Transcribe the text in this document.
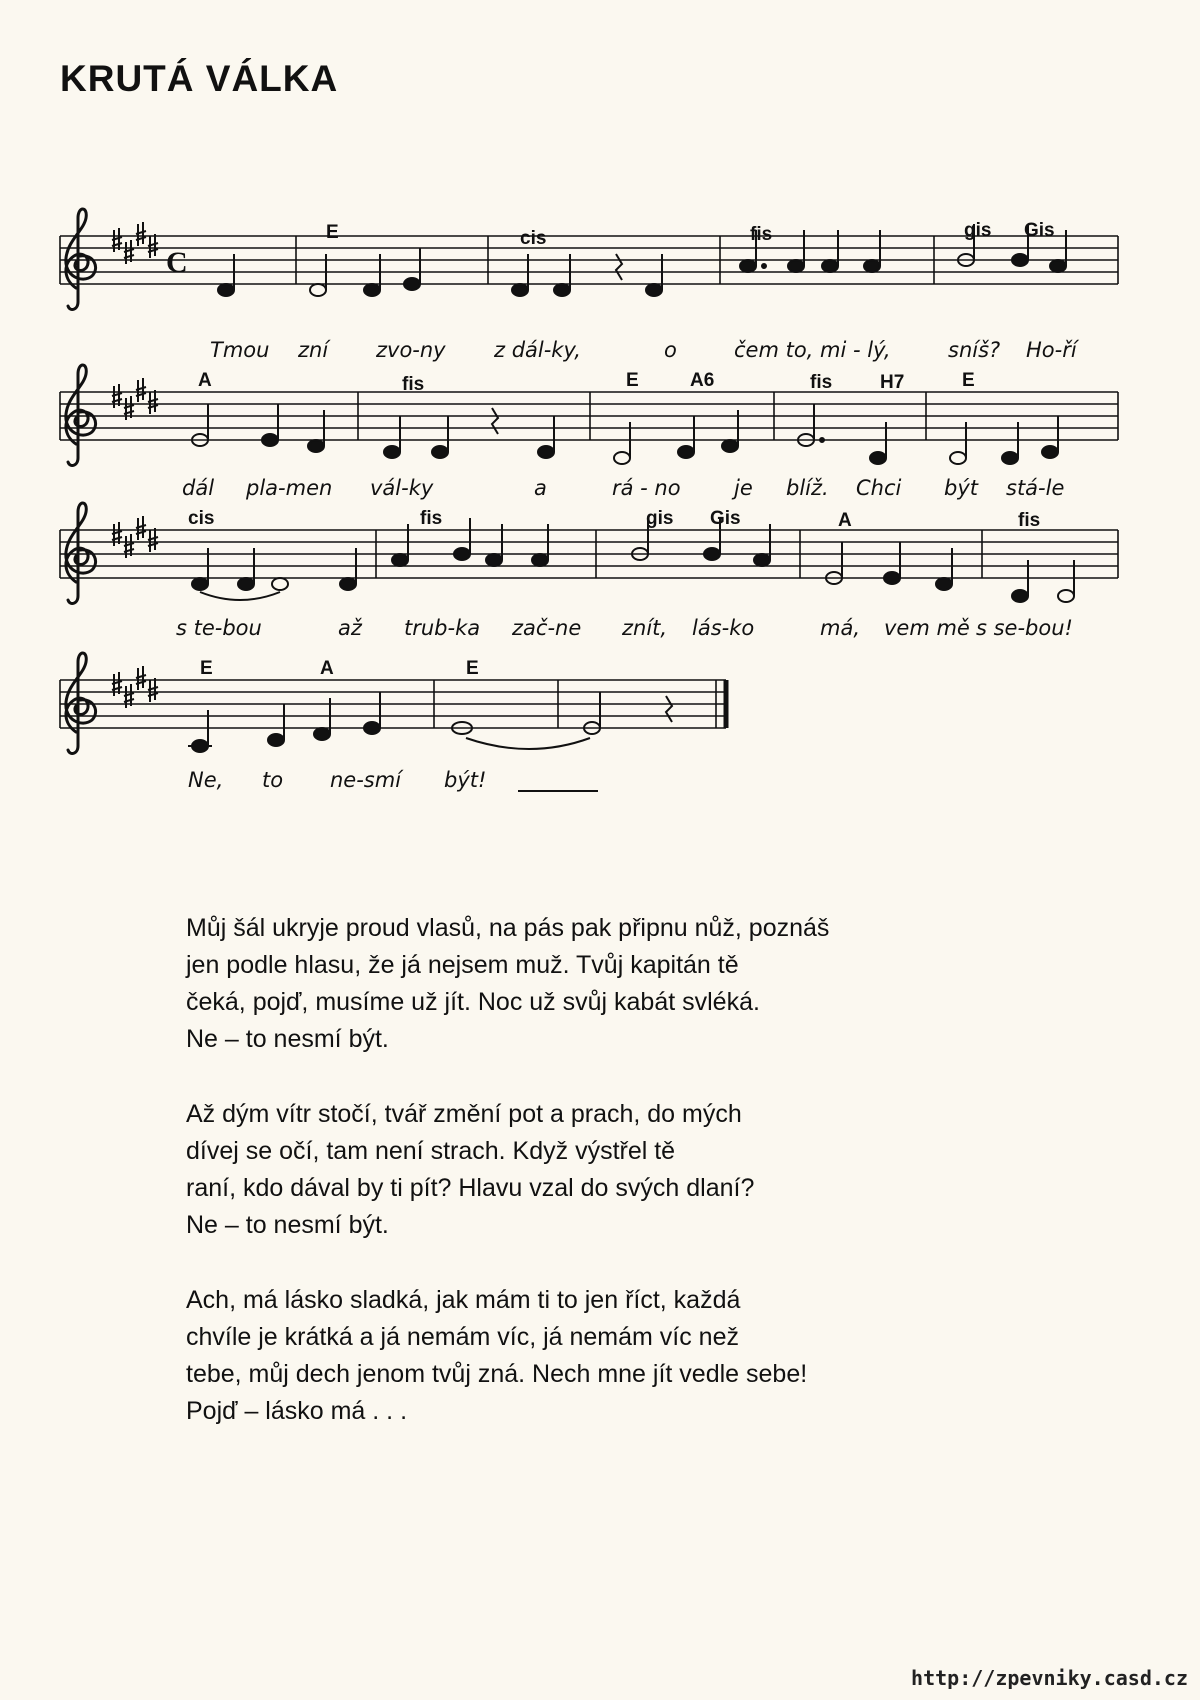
KRUTÁ VÁLKA
C
E	cis	fis	gis Gis
Tmou zní zvo-ny z dál-ky,	o	čem to, mi - lý,	sníš? Ho-ří
A	fis	E	A6	fis	H7	E
dál pla-men vál-ky	a	rá - no	je blíž. Chci být stá-le
cis	fis	gis Gis	A	fis
s te-bou	až trub-ka zač-ne znít, lás-ko	má, vem mě s se-bou!
E	A	E
Ne, to ne-smí být!
Můj šál ukryje proud vlasů, na pás pak připnu nůž, poznáš
jen podle hlasu, že já nejsem muž. Tvůj kapitán tě
čeká, pojď, musíme už jít. Noc už svůj kabát svléká.
Ne – to nesmí být.
Až dým vítr stočí, tvář změní pot a prach, do mých
dívej se očí, tam není strach. Když výstřel tě
raní, kdo dával by ti pít? Hlavu vzal do svých dlaní?
Ne – to nesmí být.
Ach, má lásko sladká, jak mám ti to jen říct, každá
chvíle je krátká a já nemám víc, já nemám víc než
tebe, můj dech jenom tvůj zná. Nech mne jít vedle sebe!
Pojď – lásko má . . .
http://zpevniky.casd.cz
